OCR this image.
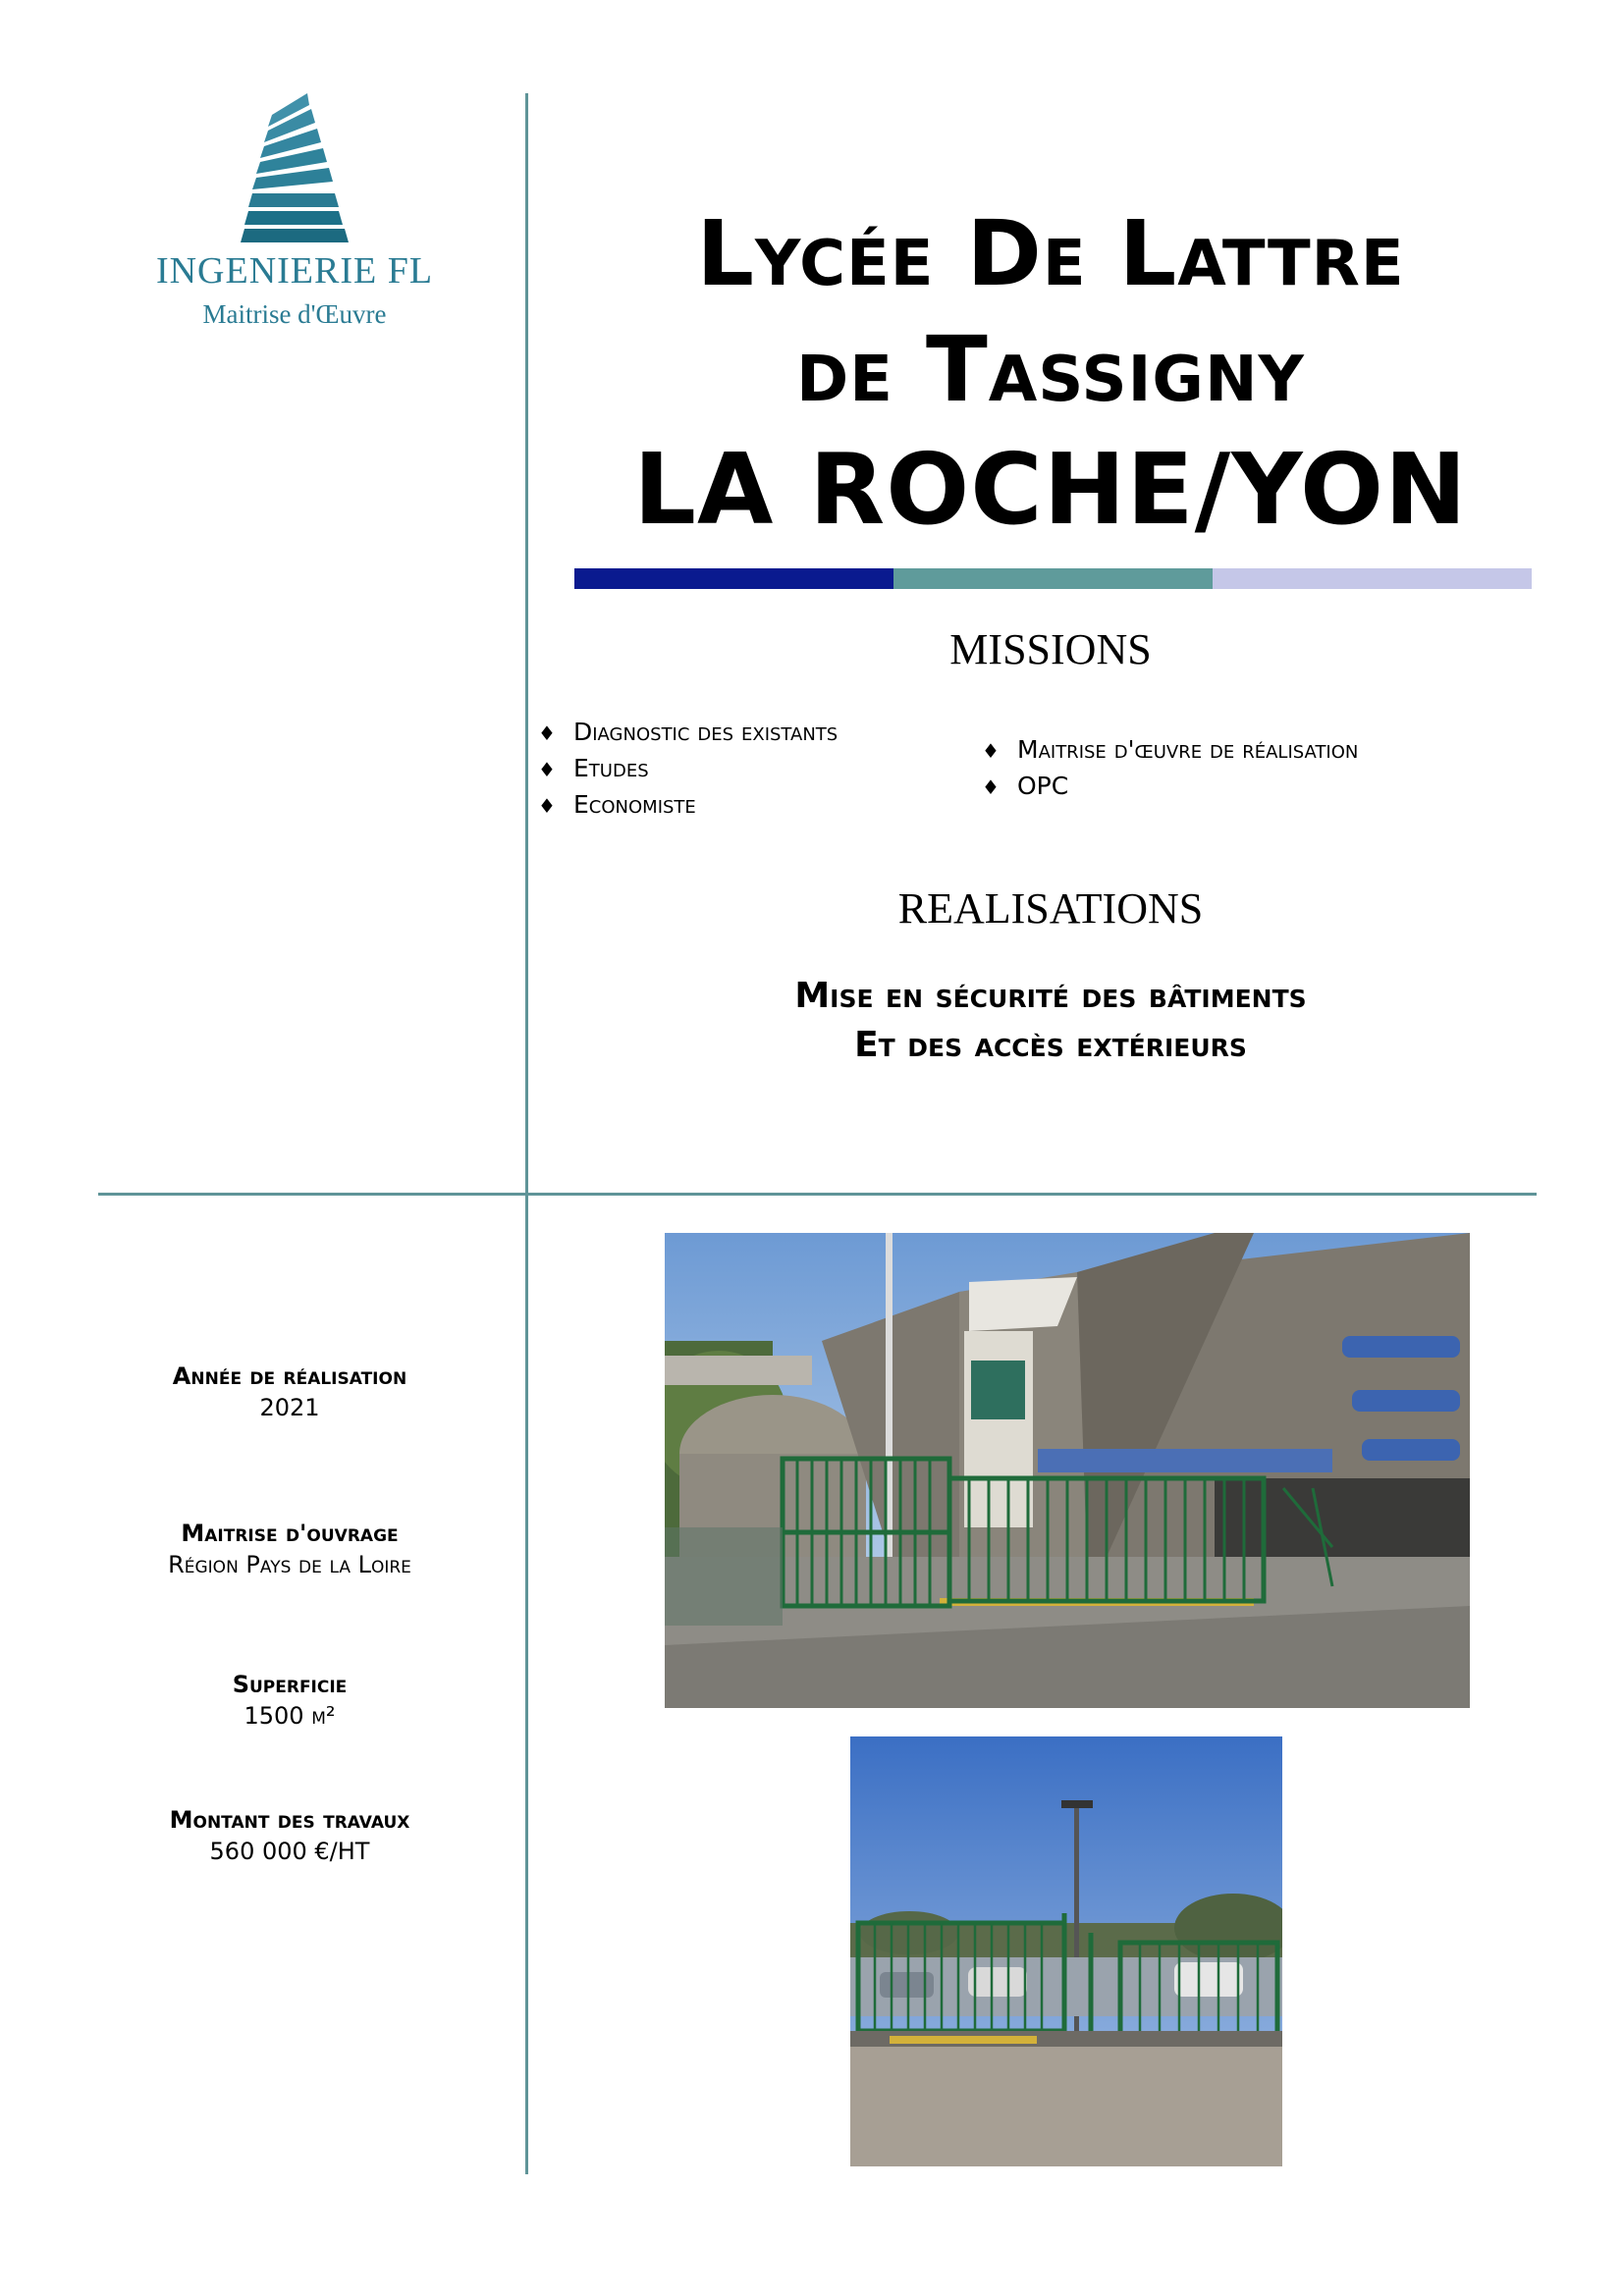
INGENIERIE FL
Maitrise d'Œuvre
Lycée De Lattre
de Tassigny
LA ROCHE/YON
MISSIONS
♦ Diagnostic des existants
♦ Etudes
♦ Economiste
♦ Maitrise d'œuvre de réalisation
♦ OPC
REALISATIONS
Mise en sécurité des bâtiments
Et des accès extérieurs
Année de réalisation
2021
Maitrise d'ouvrage
Région Pays de la Loire
Superficie
1500 m²
Montant des travaux
560 000 €/HT
